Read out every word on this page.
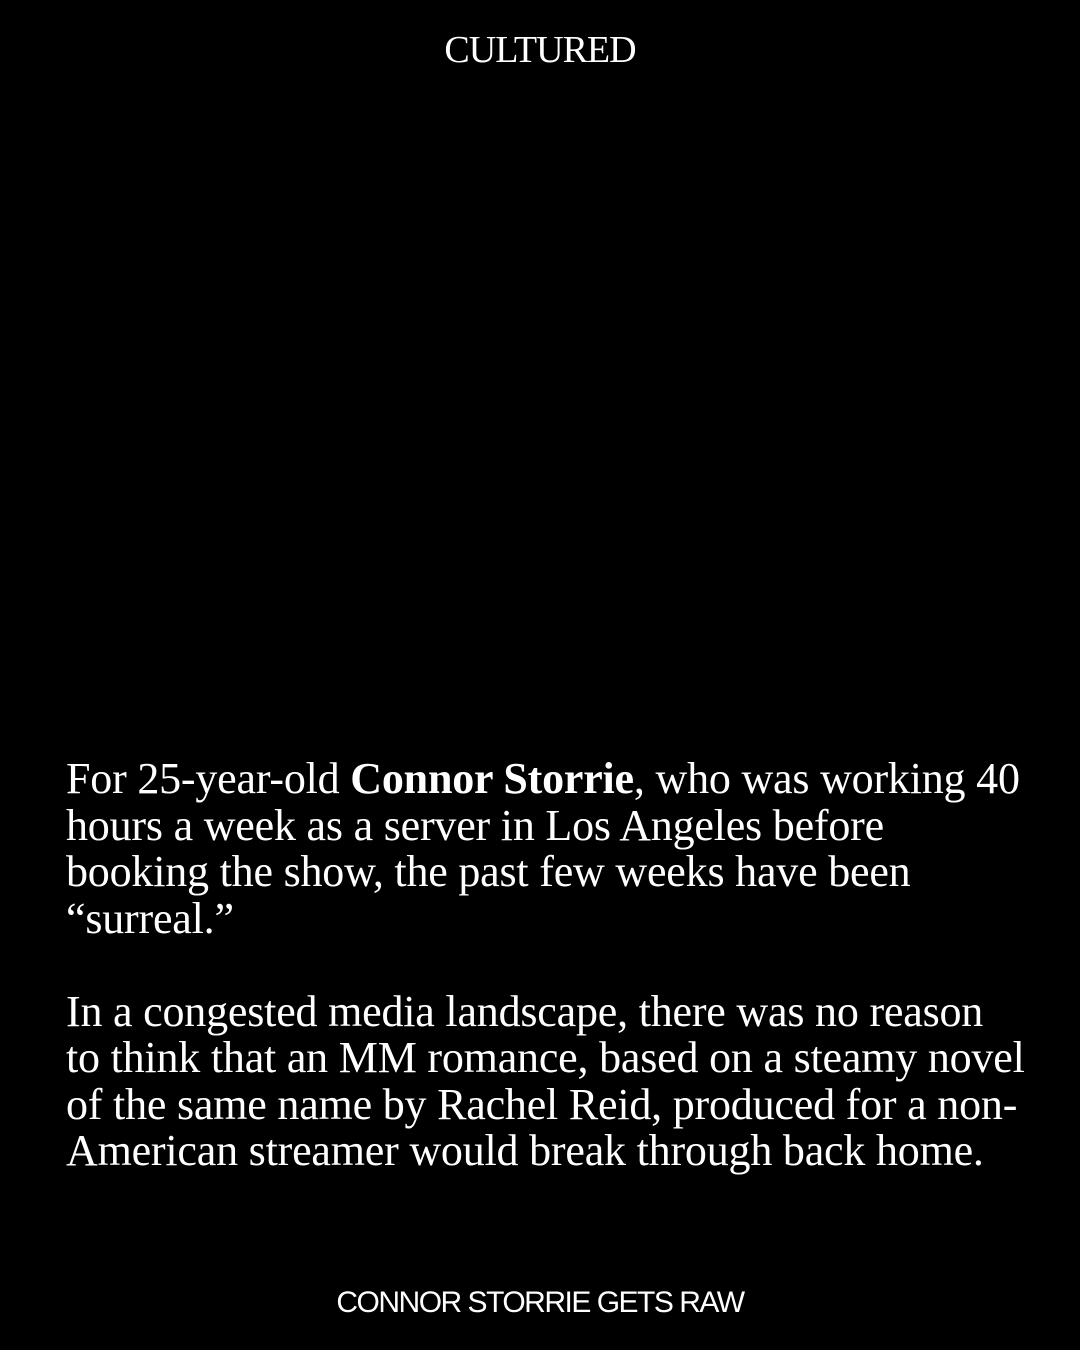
CULTURED

For 25-year-old Connor Storrie, who was working 40 hours a week as a server in Los Angeles before booking the show, the past few weeks have been “surreal.”

In a congested media landscape, there was no reason to think that an MM romance, based on a steamy novel of the same name by Rachel Reid, produced for a non-American streamer would break through back home.

CONNOR STORRIE GETS RAW
